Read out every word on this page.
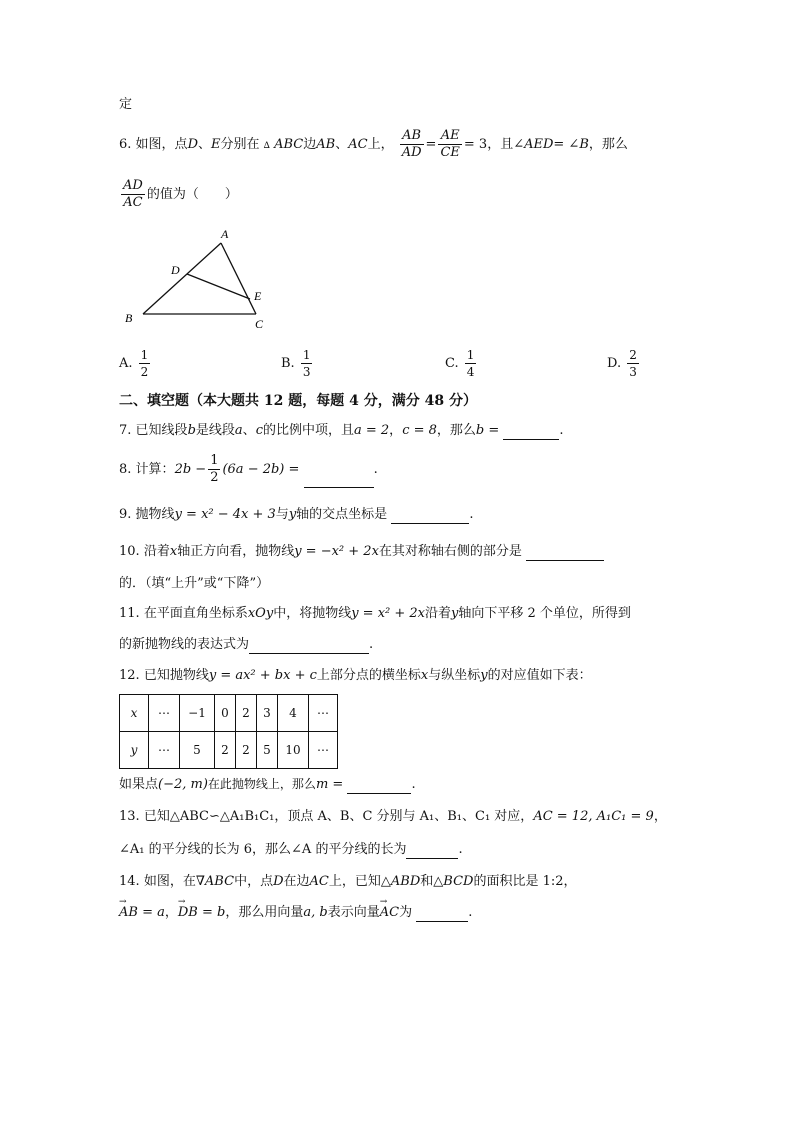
定
6. 如图，点D、E分别在 ∆ ABC边AB、AC上， $\frac{AB}{AD} = \frac{AE}{CE} = 3$，且∠AED= ∠B，那么
$\frac{AD}{AC}$ 的值为（　　）
A
B	C
D
E
A. $\frac{1}{2}$	B. $\frac{1}{3}$	C. $\frac{1}{4}$	D. $\frac{2}{3}$
二、填空题（本大题共 12 题，每题 4 分，满分 48 分）
7. 已知线段b是线段a、c的比例中项，且a = 2，c = 8，那么b =	.
8. 计算：$2b - \frac{1}{2} (6a - 2b)$ =	.
9. 抛物线y = x² − 4x + 3与y轴的交点坐标是	.
10. 沿着x轴正方向看，抛物线y = −x² + 2x在其对称轴右侧的部分是
的．（填“上升”或“下降”）
11. 在平面直角坐标系xOy中，将抛物线y = x² + 2x沿着y轴向下平移 2 个单位，所得到
的新抛物线的表达式为	.
12. 已知抛物线y = ax² + bx + c上部分点的横坐标x与纵坐标y的对应值如下表：
x	⋯	−1	0	2	3	4	⋯
y	⋯	5	2	2	5	10	⋯
如果点(−2, m)在此抛物线上，那么m =	.
13. 已知△ABC∽△A₁B₁C₁，顶点 A、B、C 分别与 A₁、B₁、C₁ 对应，AC = 12, A₁C₁ = 9，
∠A₁ 的平分线的长为 6，那么∠A 的平分线的长为	.
14. 如图，在∇ABC中，点D在边AC上，已知△ABD和△BCD的面积比是 1:2，
→ AB = a，→ DB = b，那么用向量a, b表示向量→ AC为	.
